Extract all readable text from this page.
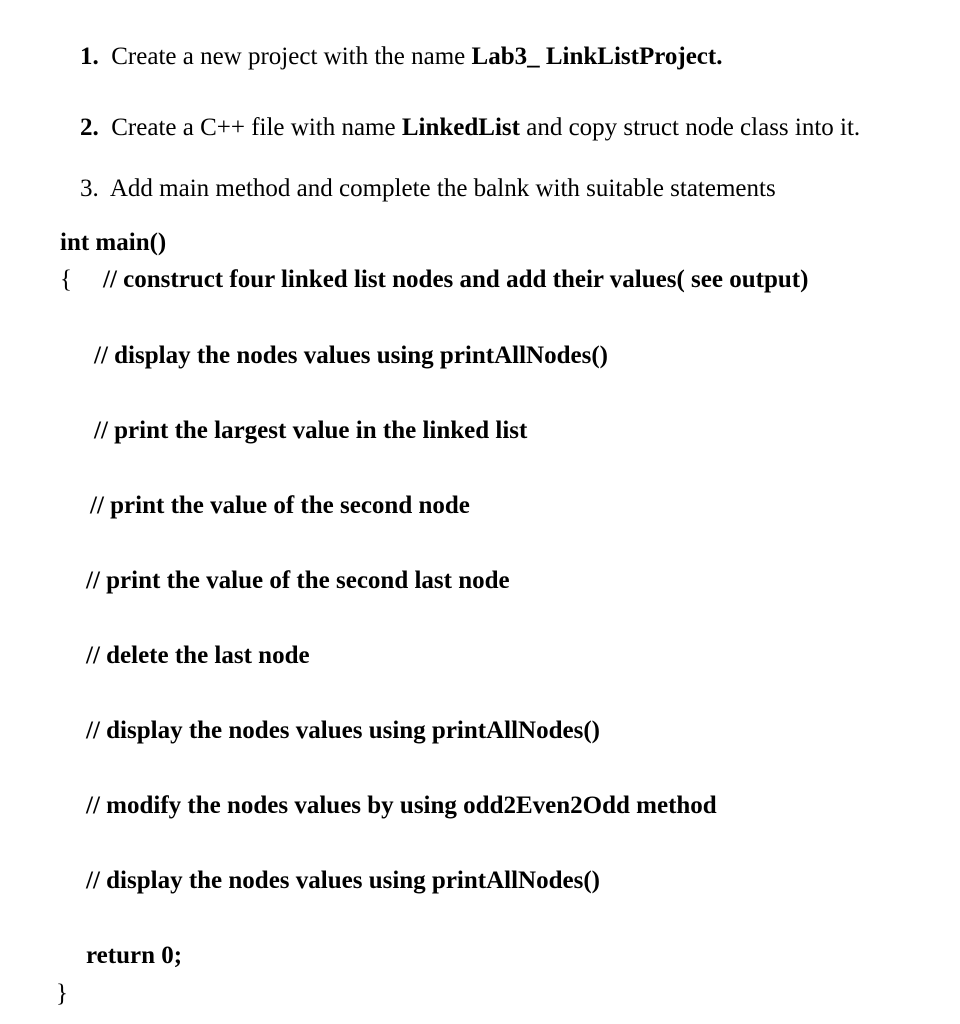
1. Create a new project with the name Lab3_ LinkListProject.
2. Create a C++ file with name LinkedList and copy struct node class into it.
3. Add main method and complete the balnk with suitable statements
int main()
{ // construct four linked list nodes and add their values( see output)
// display the nodes values using printAllNodes()
// print the largest value in the linked list
// print the value of the second node
// print the value of the second last node
// delete the last node
// display the nodes values using printAllNodes()
// modify the nodes values by using odd2Even2Odd method
// display the nodes values using printAllNodes()
return 0;
}
